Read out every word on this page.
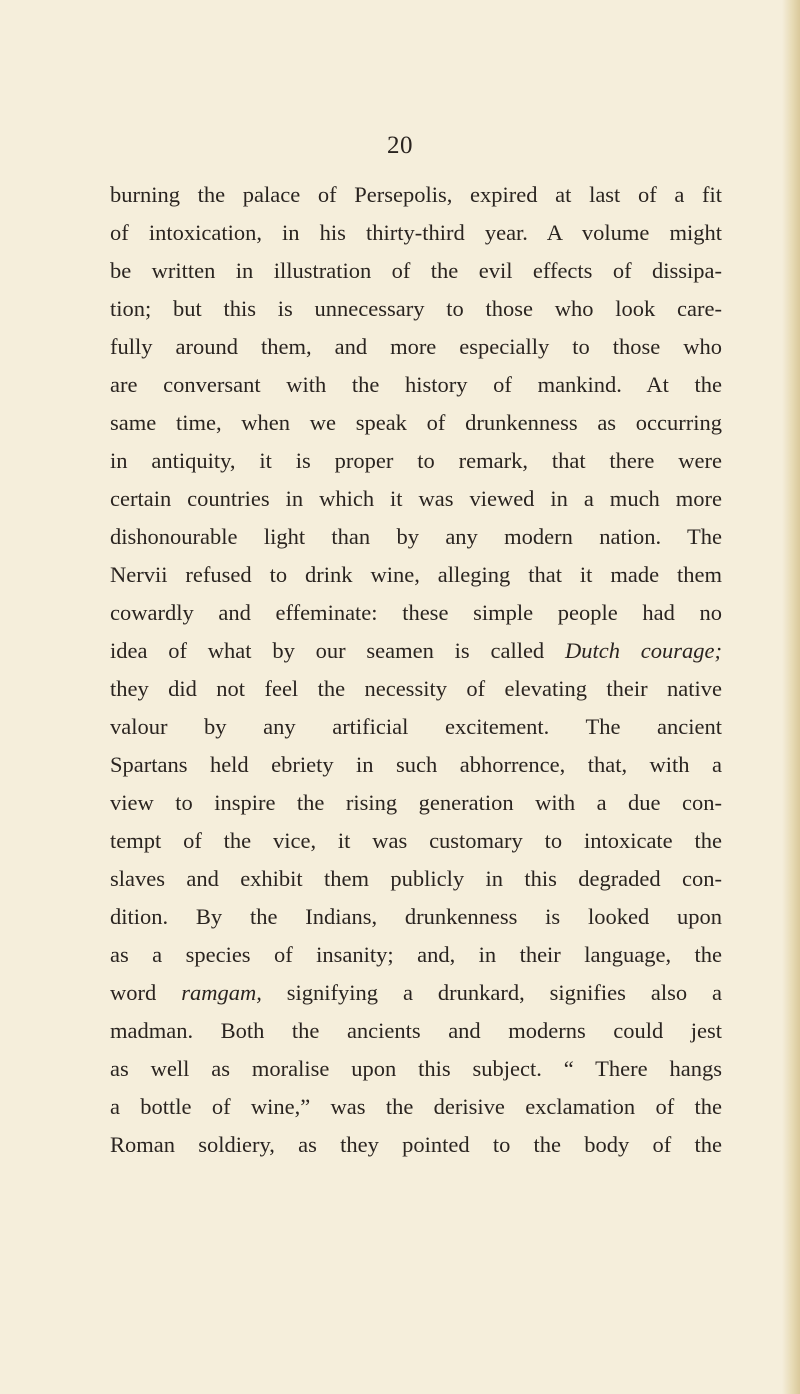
20
burning the palace of Persepolis, expired at last of a fit
of intoxication, in his thirty-third year. A volume might
be written in illustration of the evil effects of dissipa-
tion; but this is unnecessary to those who look care-
fully around them, and more especially to those who
are conversant with the history of mankind. At the
same time, when we speak of drunkenness as occurring
in antiquity, it is proper to remark, that there were
certain countries in which it was viewed in a much more
dishonourable light than by any modern nation. The
Nervii refused to drink wine, alleging that it made them
cowardly and effeminate: these simple people had no
idea of what by our seamen is called Dutch courage;
they did not feel the necessity of elevating their native
valour by any artificial excitement. The ancient
Spartans held ebriety in such abhorrence, that, with a
view to inspire the rising generation with a due con-
tempt of the vice, it was customary to intoxicate the
slaves and exhibit them publicly in this degraded con-
dition. By the Indians, drunkenness is looked upon
as a species of insanity; and, in their language, the
word ramgam, signifying a drunkard, signifies also a
madman. Both the ancients and moderns could jest
as well as moralise upon this subject. “ There hangs
a bottle of wine,” was the derisive exclamation of the
Roman soldiery, as they pointed to the body of the
